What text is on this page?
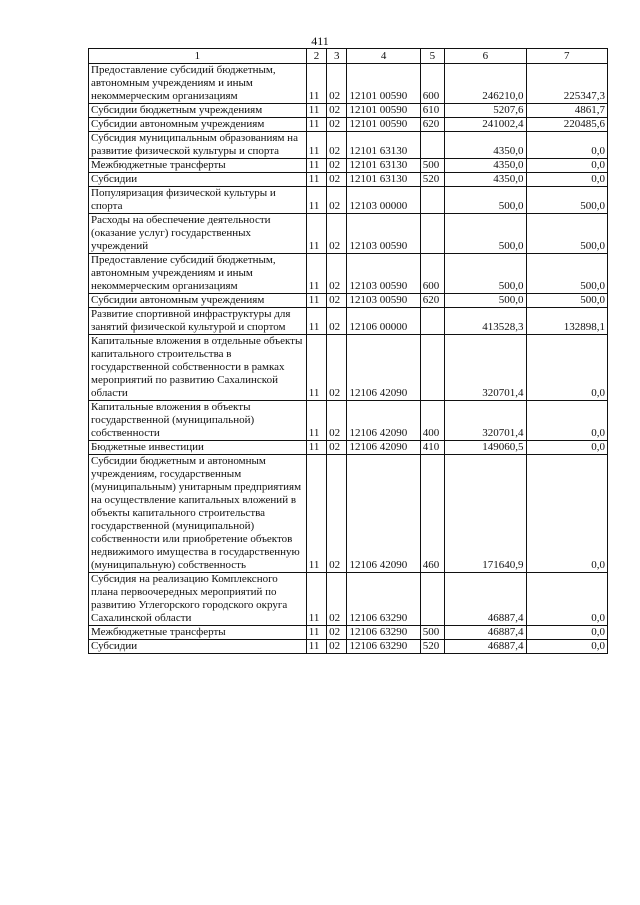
411
1	2	3	4	5	6	7
Предоставление субсидий бюджетным, автономным учреждениям и иным некоммерческим организациям	11	02	12101 00590	600	246210,0	225347,3
Субсидии бюджетным учреждениям	11	02	12101 00590	610	5207,6	4861,7
Субсидии автономным учреждениям	11	02	12101 00590	620	241002,4	220485,6
Субсидия муниципальным образованиям на развитие физической культуры и спорта	11	02	12101 63130		4350,0	0,0
Межбюджетные трансферты	11	02	12101 63130	500	4350,0	0,0
Субсидии	11	02	12101 63130	520	4350,0	0,0
Популяризация физической культуры и спорта	11	02	12103 00000		500,0	500,0
Расходы на обеспечение деятельности (оказание услуг) государственных учреждений	11	02	12103 00590		500,0	500,0
Предоставление субсидий бюджетным, автономным учреждениям и иным некоммерческим организациям	11	02	12103 00590	600	500,0	500,0
Субсидии автономным учреждениям	11	02	12103 00590	620	500,0	500,0
Развитие спортивной инфраструктуры для занятий физической культурой и спортом	11	02	12106 00000		413528,3	132898,1
Капитальные вложения в отдельные объекты капитального строительства в государственной собственности в рамках мероприятий по развитию Сахалинской области	11	02	12106 42090		320701,4	0,0
Капитальные вложения в объекты государственной (муниципальной) собственности	11	02	12106 42090	400	320701,4	0,0
Бюджетные инвестиции	11	02	12106 42090	410	149060,5	0,0
Субсидии бюджетным и автономным учреждениям, государственным (муниципальным) унитарным предприятиям на осуществление капитальных вложений в объекты капитального строительства государственной (муниципальной) собственности или приобретение объектов недвижимого имущества в государственную (муниципальную) собственность	11	02	12106 42090	460	171640,9	0,0
Субсидия на реализацию Комплексного плана первоочередных мероприятий по развитию Углегорского городского округа Сахалинской области	11	02	12106 63290		46887,4	0,0
Межбюджетные трансферты	11	02	12106 63290	500	46887,4	0,0
Субсидии	11	02	12106 63290	520	46887,4	0,0
